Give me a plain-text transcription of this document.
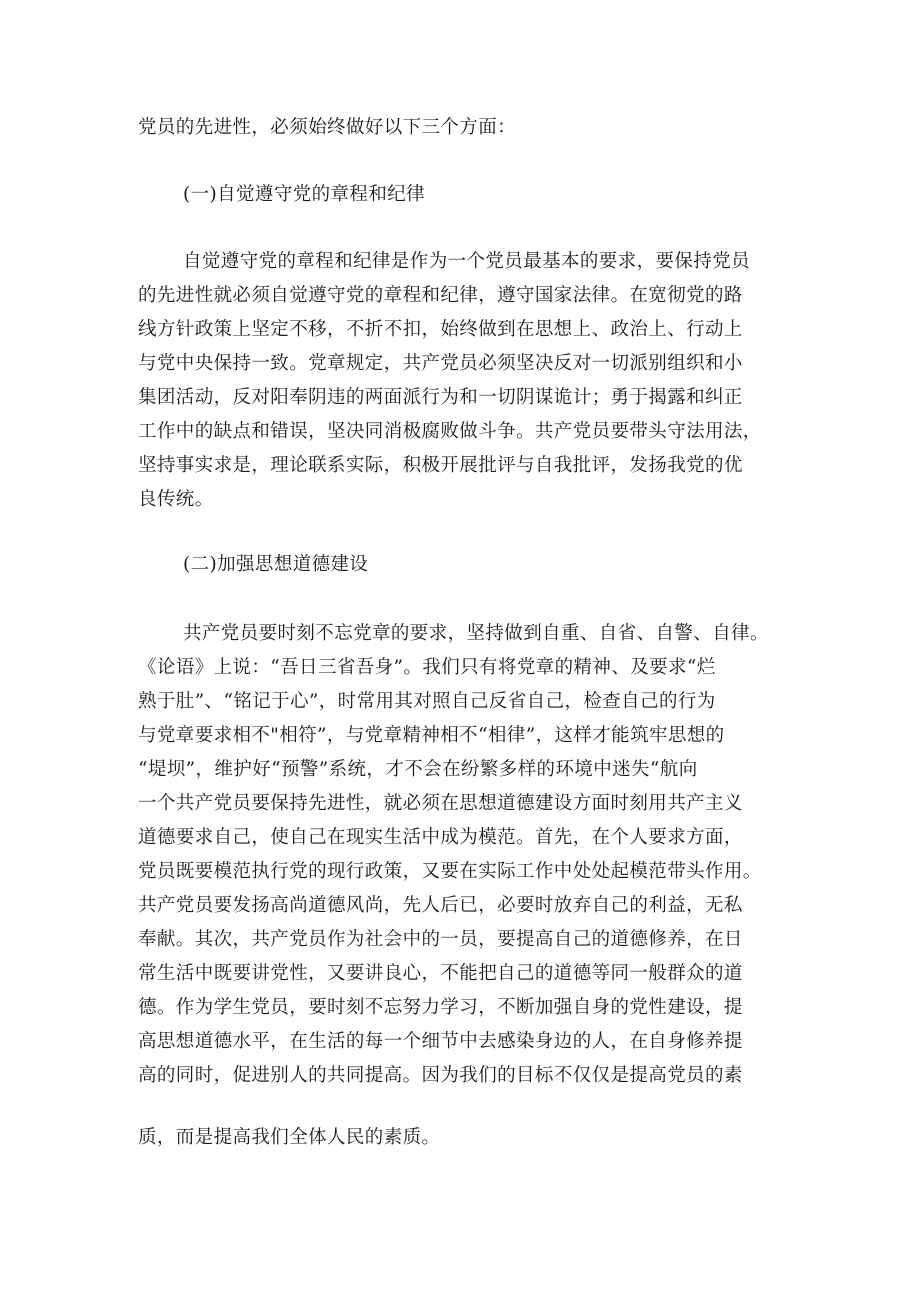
党员的先进性，必须始终做好以下三个方面：
(一)自觉遵守党的章程和纪律
自觉遵守党的章程和纪律是作为一个党员最基本的要求，要保持党员
的先进性就必须自觉遵守党的章程和纪律，遵守国家法律。在宽彻党的路
线方针政策上坚定不移，不折不扣，始终做到在思想上、政治上、行动上
与党中央保持一致。党章规定，共产党员必须坚决反对一切派别组织和小
集团活动，反对阳奉阴违的两面派行为和一切阴谋诡计；勇于揭露和纠正
工作中的缺点和错误，坚决同消极腐败做斗争。共产党员要带头守法用法，
坚持事实求是，理论联系实际，积极开展批评与自我批评，发扬我党的优
良传统。
(二)加强思想道德建设
共产党员要时刻不忘党章的要求，坚持做到自重、自省、自警、自律。
《论语》上说：“吾日三省吾身”。我们只有将党章的精神、及要求“烂
熟于肚”、“铭记于心”，时常用其对照自己反省自己，检查自己的行为
与党章要求相不"相符”，与党章精神相不“相律”，这样才能筑牢思想的
“堤坝”，维护好“预警”系统，才不会在纷繁多样的环境中迷失“航向
一个共产党员要保持先进性，就必须在思想道德建设方面时刻用共产主义
道德要求自己，使自己在现实生活中成为模范。首先，在个人要求方面，
党员既要模范执行党的现行政策，又要在实际工作中处处起模范带头作用。
共产党员要发扬高尚道德风尚，先人后已，必要时放弃自己的利益，无私
奉献。其次，共产党员作为社会中的一员，要提高自己的道德修养，在日
常生活中既要讲党性，又要讲良心，不能把自己的道德等同一般群众的道
德。作为学生党员，要时刻不忘努力学习，不断加强自身的党性建设，提
高思想道德水平，在生活的每一个细节中去感染身边的人，在自身修养提
高的同时，促进别人的共同提高。因为我们的目标不仅仅是提高党员的素
质，而是提高我们全体人民的素质。
